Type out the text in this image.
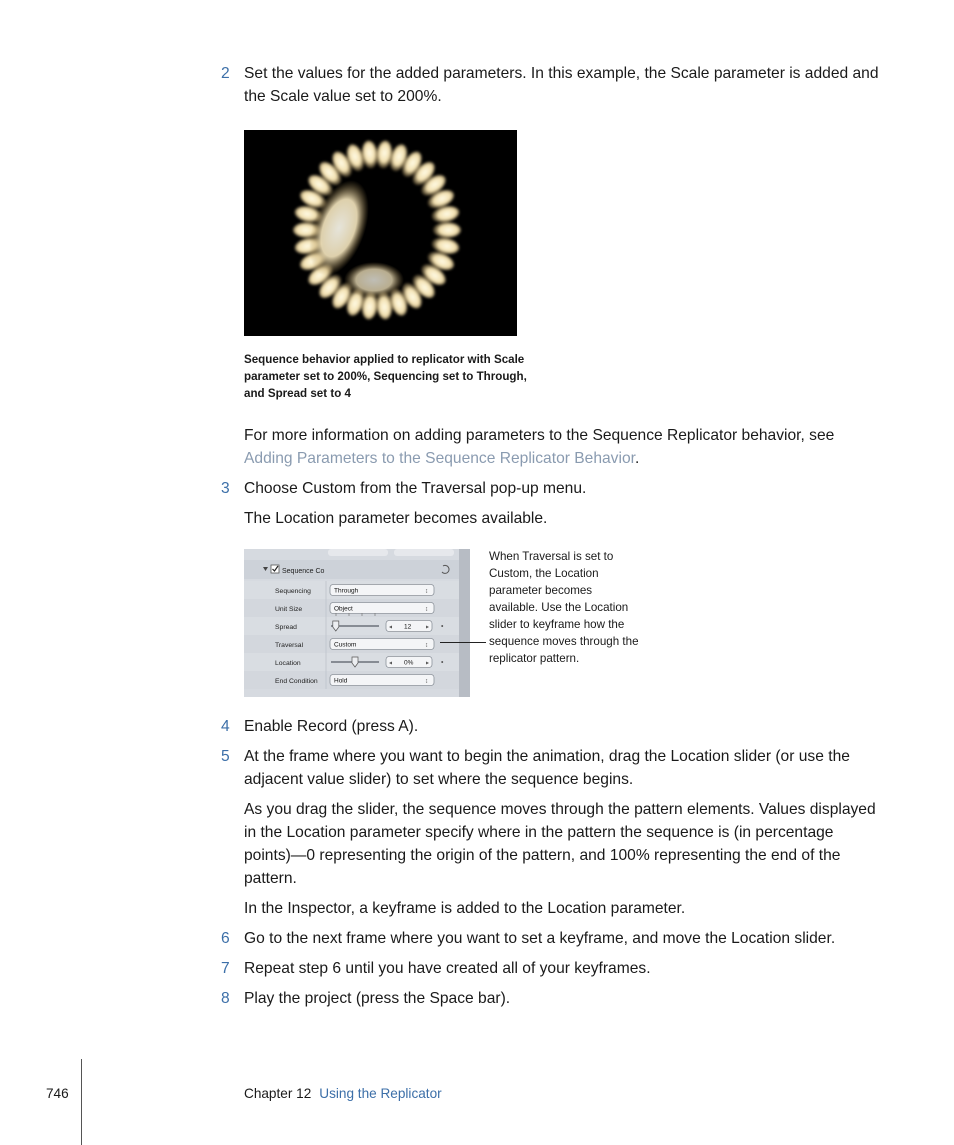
2 Set the values for the added parameters. In this example, the Scale parameter is added and the Scale value set to 200%.
Sequence behavior applied to replicator with Scale parameter set to 200%, Sequencing set to Through, and Spread set to 4
For more information on adding parameters to the Sequence Replicator behavior, see Adding Parameters to the Sequence Replicator Behavior.
3 Choose Custom from the Traversal pop-up menu.
The Location parameter becomes available.
Sequence Co
Sequencing	Through	↕
Unit Size	Object	↕
Spread	◂ 12 ▸ •
Traversal	Custom	↕
Location	◂ 0% ▸ •
End Condition	Hold	↕
When Traversal is set to Custom, the Location parameter becomes available. Use the Location slider to keyframe how the sequence moves through the replicator pattern.
4 Enable Record (press A).
5 At the frame where you want to begin the animation, drag the Location slider (or use the adjacent value slider) to set where the sequence begins.
As you drag the slider, the sequence moves through the pattern elements. Values displayed in the Location parameter specify where in the pattern the sequence is (in percentage points)—0 representing the origin of the pattern, and 100% representing the end of the pattern.
In the Inspector, a keyframe is added to the Location parameter.
6 Go to the next frame where you want to set a keyframe, and move the Location slider.
7 Repeat step 6 until you have created all of your keyframes.
8 Play the project (press the Space bar).
746	Chapter 12 Using the Replicator
